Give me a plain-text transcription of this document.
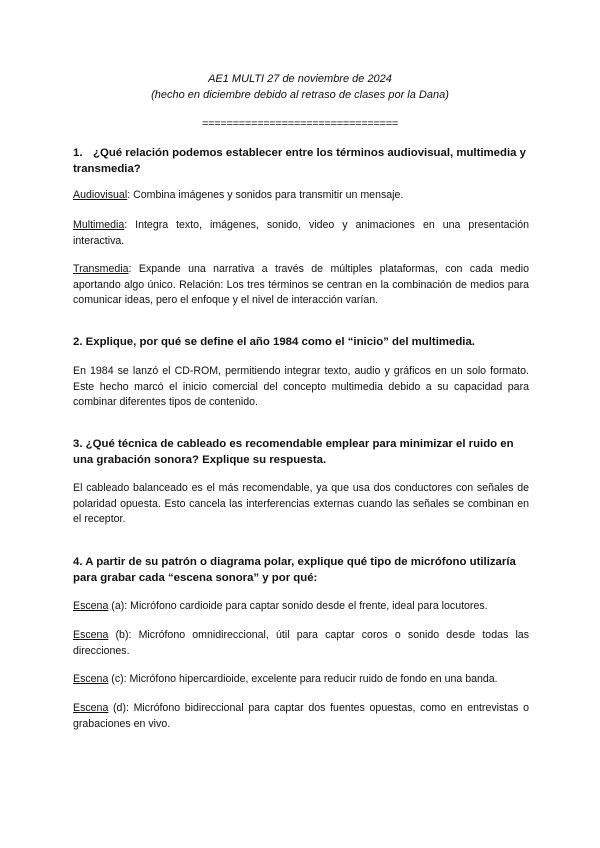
AE1 MULTI 27 de noviembre de 2024
(hecho en diciembre debido al retraso de clases por la Dana)
================================

1. ¿Qué relación podemos establecer entre los términos audiovisual, multimedia y transmedia?

Audiovisual: Combina imágenes y sonidos para transmitir un mensaje.

Multimedia: Integra texto, imágenes, sonido, video y animaciones en una presentación interactiva.

Transmedia: Expande una narrativa a través de múltiples plataformas, con cada medio aportando algo único. Relación: Los tres términos se centran en la combinación de medios para comunicar ideas, pero el enfoque y el nivel de interacción varían.

2. Explique, por qué se define el año 1984 como el “inicio” del multimedia.

En 1984 se lanzó el CD-ROM, permitiendo integrar texto, audio y gráficos en un solo formato. Este hecho marcó el inicio comercial del concepto multimedia debido a su capacidad para combinar diferentes tipos de contenido.

3. ¿Qué técnica de cableado es recomendable emplear para minimizar el ruido en una grabación sonora? Explique su respuesta.

El cableado balanceado es el más recomendable, ya que usa dos conductores con señales de polaridad opuesta. Esto cancela las interferencias externas cuando las señales se combinan en el receptor.

4. A partir de su patrón o diagrama polar, explique qué tipo de micrófono utilizaría para grabar cada “escena sonora” y por qué:

Escena (a): Micrófono cardioide para captar sonido desde el frente, ideal para locutores.

Escena (b): Micrófono omnidireccional, útil para captar coros o sonido desde todas las direcciones.

Escena (c): Micrófono hipercardioide, excelente para reducir ruido de fondo en una banda.

Escena (d): Micrófono bidireccional para captar dos fuentes opuestas, como en entrevistas o grabaciones en vivo.
